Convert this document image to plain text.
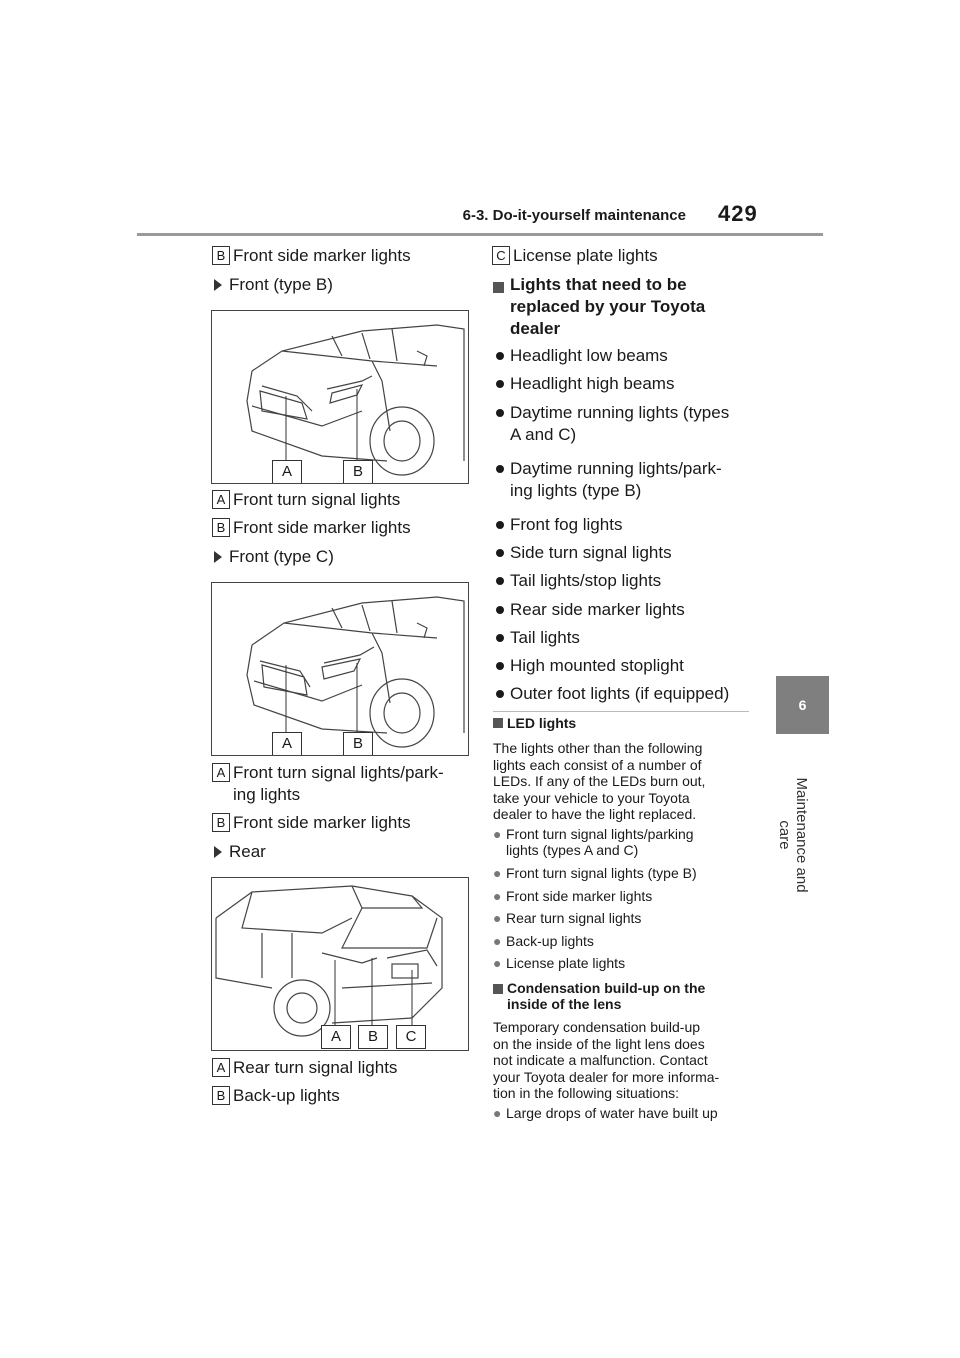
6-3. Do-it-yourself maintenance 429
6
Maintenance and care
B Front side marker lights
Front (type B)
A	B
A Front turn signal lights
B Front side marker lights
Front (type C)
A	B
A Front turn signal lights/park-
ing lights
B Front side marker lights
Rear
A	B	C
A Rear turn signal lights
B Back-up lights
C License plate lights
Lights that need to be
replaced by your Toyota
dealer
Headlight low beams
Headlight high beams
Daytime running lights (types
A and C)
Daytime running lights/park-
ing lights (type B)
Front fog lights
Side turn signal lights
Tail lights/stop lights
Rear side marker lights
Tail lights
High mounted stoplight
Outer foot lights (if equipped)
LED lights
The lights other than the following
lights each consist of a number of
LEDs. If any of the LEDs burn out,
take your vehicle to your Toyota
dealer to have the light replaced.
● Front turn signal lights/parking
lights (types A and C)
● Front turn signal lights (type B)
● Front side marker lights
● Rear turn signal lights
● Back-up lights
● License plate lights
Condensation build-up on the
inside of the lens
Temporary condensation build-up
on the inside of the light lens does
not indicate a malfunction. Contact
your Toyota dealer for more informa-
tion in the following situations:
● Large drops of water have built up
